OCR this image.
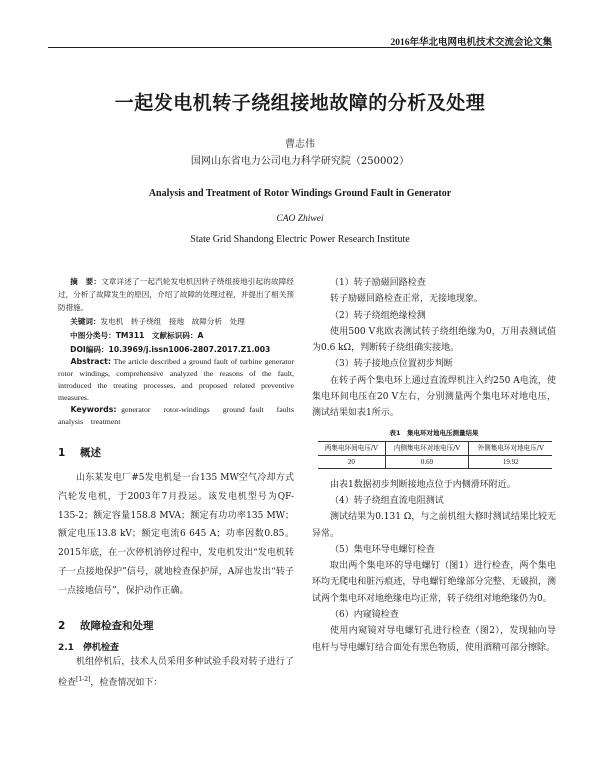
2016年华北电网电机技术交流会论文集
一起发电机转子绕组接地故障的分析及处理
曹志伟
国网山东省电力公司电力科学研究院（250002）
Analysis and Treatment of Rotor Windings Ground Fault in Generator
CAO Zhiwei
State Grid Shandong Electric Power Research Institute

摘　要：文章详述了一起汽轮发电机因转子绕组接地引起的故障经过，分析了故障发生的原因，介绍了故障的处理过程，并提出了相关预防措施。

关键词：发电机　转子绕组　接地　故障分析　处理
中图分类号：TM311　 文献标识码：A
DOI编码：10.3969/j.issn1006-2807.2017.Z1.003

Abstract: The article described a ground fault of turbine generator rotor windings, comprehensive analyzed the reasons of the fault, introduced the treating processes, and proposed related preventive measures.

Keywords: generator　rotor-windings　ground fault　faults analysis　treatment

1 概述
山东某发电厂#5发电机是一台135 MW空气冷却方式汽轮发电机，于2003年7月投运。该发电机型号为QF-135-2；额定容量158.8 MVA；额定有功功率135 MW；额定电压13.8 kV；额定电流6 645 A；功率因数0.85。2015年底，在一次停机消停过程中，发电机发出“发电机转子一点接地保护”信号，就地检查保护屏，A屏也发出“转子一点接地信号”，保护动作正确。
2 故障检查和处理
2.1　 停机检查
机组停机后，技术人员采用多种试验手段对转子进行了检查[1-2]，检查情况如下：
（1）转子励磁回路检查
转子励磁回路检查正常，无接地现象。
（2）转子绕组绝缘检测
使用500 V兆欧表测试转子绕组绝缘为0，万用表测试值为0.6 kΩ，判断转子绕组确实接地。
（3）转子接地点位置初步判断
在转子两个集电环上通过直流焊机注入约250 A电流，使集电环间电压在20 V左右，分别测量两个集电环对地电压，测试结果如表1所示。
表1　集电环对地电压测量结果
两集电环间电压/V	内侧集电环对地电压/V	外侧集电环对地电压/V
20	0.69	19.92
由表1数据初步判断接地点位于内侧滑环附近。
（4）转子绕组直流电阻测试
测试结果为0.131 Ω，与之前机组大修时测试结果比较无异常。
（5）集电环导电螺钉检查
取出两个集电环的导电螺钉（图1）进行检查，两个集电环均无爬电和脏污痕迹，导电螺钉绝缘部分完整、无破损，测试两个集电环对地绝缘电均正常，转子绕组对地绝缘仍为0。
（6）内窥镜检查
使用内窥镜对导电螺钉孔进行检查（图2），发现轴向导电杆与导电螺钉结合面处有黑色物质，使用酒精可部分擦除。
